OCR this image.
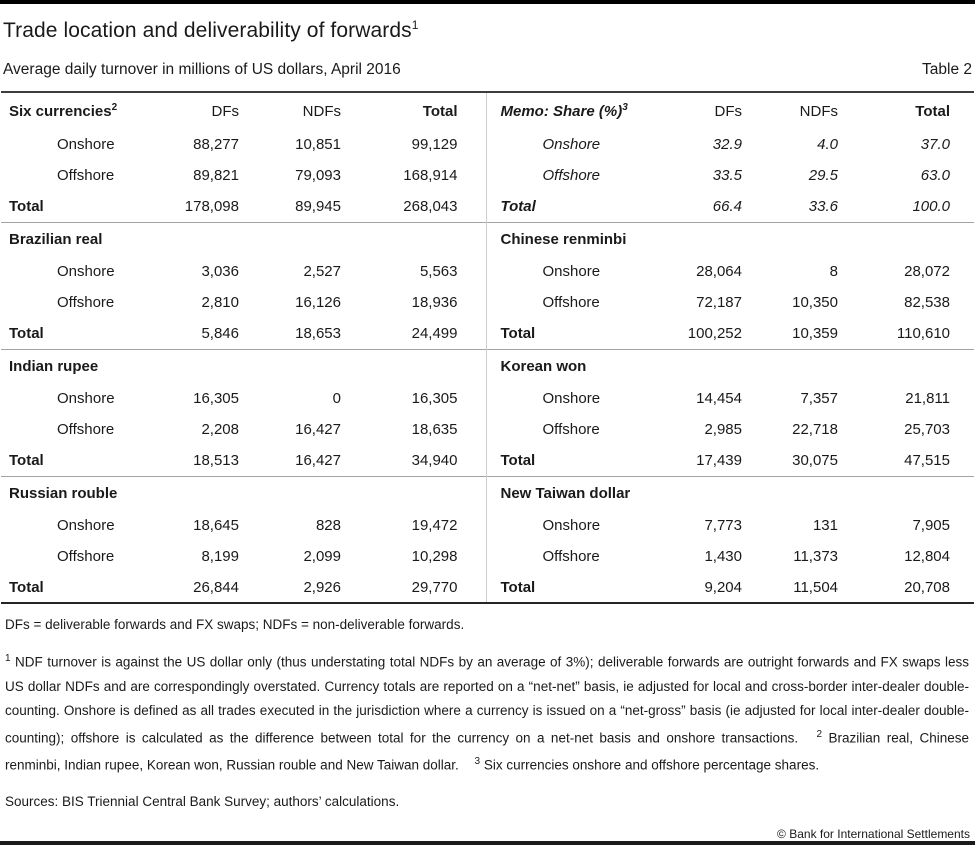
Trade location and deliverability of forwards$^1$
Average daily turnover in millions of US dollars, April 2016	Table 2
Six currencies$^2$	DFs	NDFs	Total	Memo: Share (%)$^3$	DFs	NDFs	Total
Onshore	88,277	10,851	99,129	Onshore	32.9	4.0	37.0
Offshore	89,821	79,093	168,914	Offshore	33.5	29.5	63.0
Total	178,098	89,945	268,043	Total	66.4	33.6	100.0
Brazilian real				Chinese renminbi			
Onshore	3,036	2,527	5,563	Onshore	28,064	8	28,072
Offshore	2,810	16,126	18,936	Offshore	72,187	10,350	82,538
Total	5,846	18,653	24,499	Total	100,252	10,359	110,610
Indian rupee				Korean won			
Onshore	16,305	0	16,305	Onshore	14,454	7,357	21,811
Offshore	2,208	16,427	18,635	Offshore	2,985	22,718	25,703
Total	18,513	16,427	34,940	Total	17,439	30,075	47,515
Russian rouble				New Taiwan dollar			
Onshore	18,645	828	19,472	Onshore	7,773	131	7,905
Offshore	8,199	2,099	10,298	Offshore	1,430	11,373	12,804
Total	26,844	2,926	29,770	Total	9,204	11,504	20,708

DFs = deliverable forwards and FX swaps; NDFs = non-deliverable forwards.

$^1$ NDF turnover is against the US dollar only (thus understating total NDFs by an average of 3%); deliverable forwards are outright forwards and FX swaps less US dollar NDFs and are correspondingly overstated. Currency totals are reported on a “net-net” basis, ie adjusted for local and cross-border inter-dealer double-counting. Onshore is defined as all trades executed in the jurisdiction where a currency is issued on a “net-gross” basis (ie adjusted for local inter-dealer double-counting); offshore is calculated as the difference between total for the currency on a net-net basis and onshore transactions. $^2$ Brazilian real, Chinese renminbi, Indian rupee, Korean won, Russian rouble and New Taiwan dollar. $^3$ Six currencies onshore and offshore percentage shares.

Sources: BIS Triennial Central Bank Survey; authors’ calculations.

© Bank for International Settlements
